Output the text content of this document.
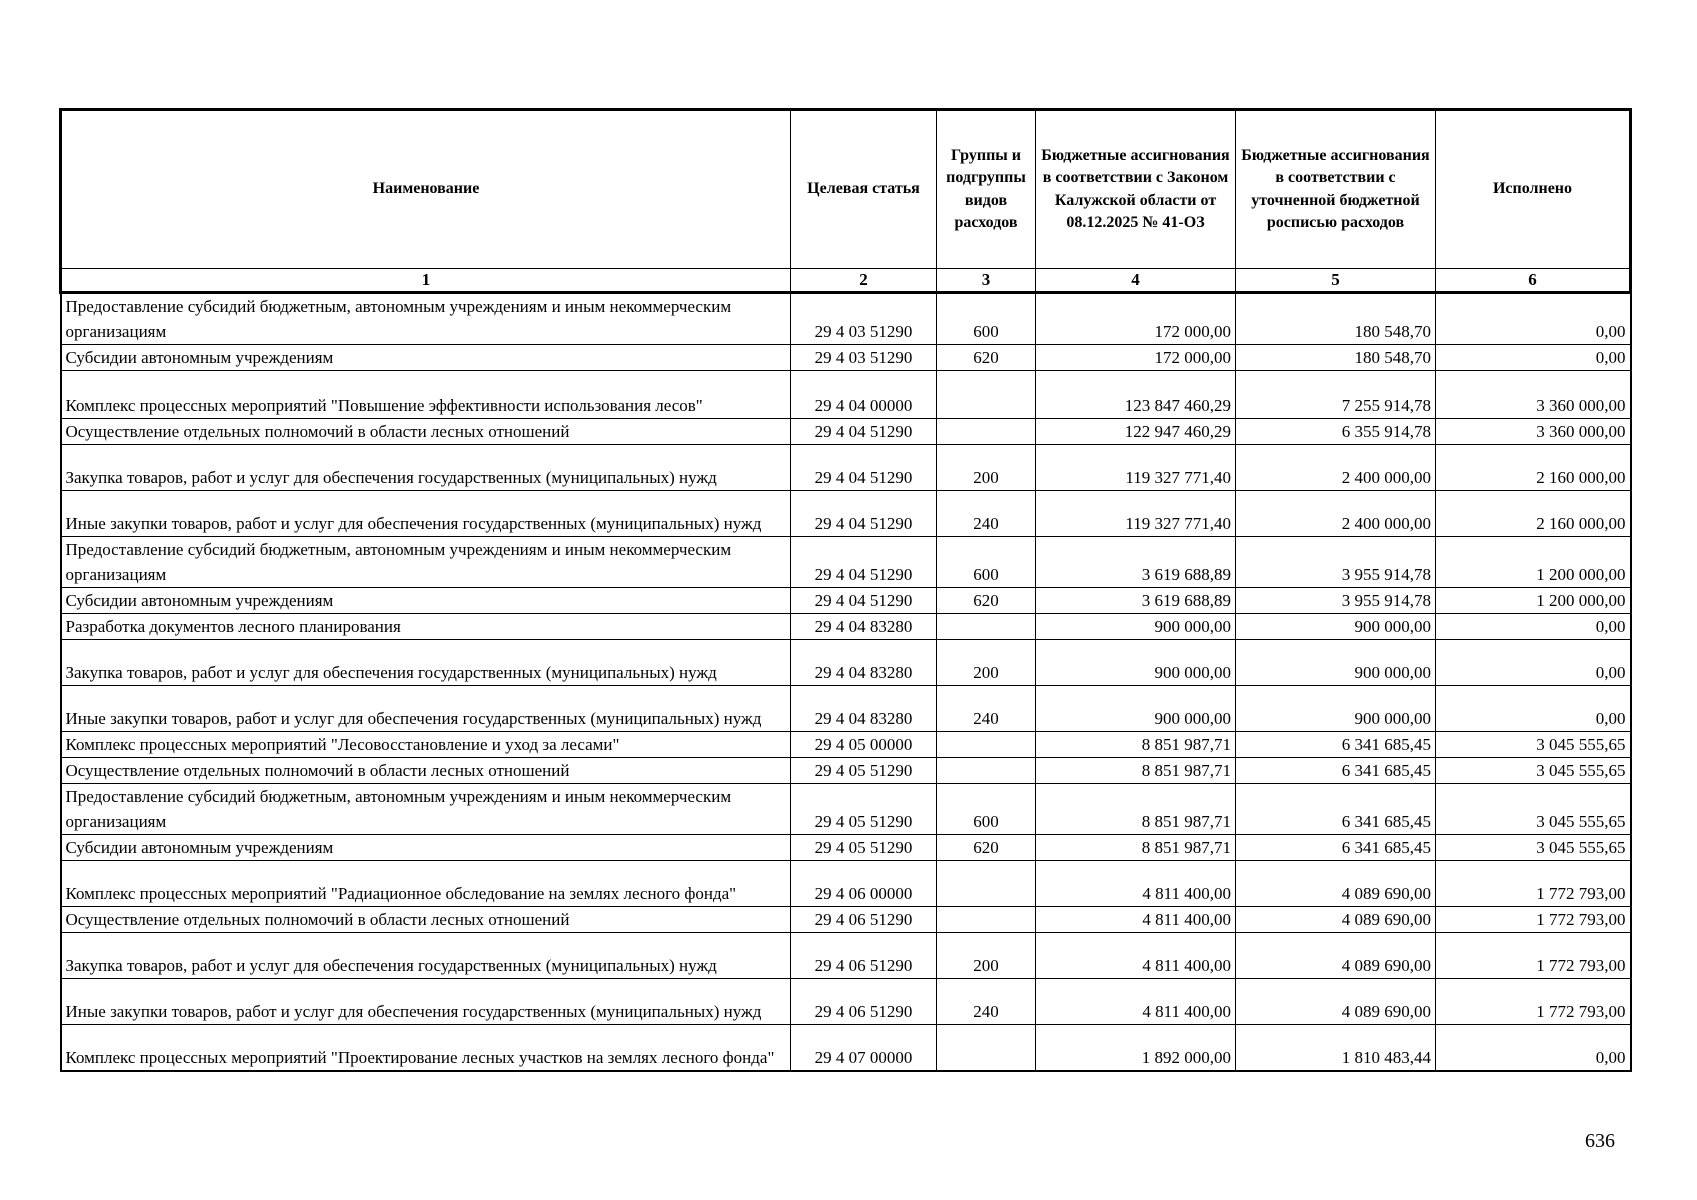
Наименование	Целевая статья	Группы и подгруппы видов расходов	Бюджетные ассигнования в соответствии с Законом Калужской области от 08.12.2025 № 41-ОЗ	Бюджетные ассигнования в соответствии с уточненной бюджетной росписью расходов	Исполнено
1	2	3	4	5	6
Предоставление субсидий бюджетным, автономным учреждениям и иным некоммерческим организациям	29 4 03 51290	600	172 000,00	180 548,70	0,00
Субсидии автономным учреждениям	29 4 03 51290	620	172 000,00	180 548,70	0,00
Комплекс процессных мероприятий "Повышение эффективности использования лесов"	29 4 04 00000		123 847 460,29	7 255 914,78	3 360 000,00
Осуществление отдельных полномочий в области лесных отношений	29 4 04 51290		122 947 460,29	6 355 914,78	3 360 000,00
Закупка товаров, работ и услуг для обеспечения государственных (муниципальных) нужд	29 4 04 51290	200	119 327 771,40	2 400 000,00	2 160 000,00
Иные закупки товаров, работ и услуг для обеспечения государственных (муниципальных) нужд	29 4 04 51290	240	119 327 771,40	2 400 000,00	2 160 000,00
Предоставление субсидий бюджетным, автономным учреждениям и иным некоммерческим организациям	29 4 04 51290	600	3 619 688,89	3 955 914,78	1 200 000,00
Субсидии автономным учреждениям	29 4 04 51290	620	3 619 688,89	3 955 914,78	1 200 000,00
Разработка документов лесного планирования	29 4 04 83280		900 000,00	900 000,00	0,00
Закупка товаров, работ и услуг для обеспечения государственных (муниципальных) нужд	29 4 04 83280	200	900 000,00	900 000,00	0,00
Иные закупки товаров, работ и услуг для обеспечения государственных (муниципальных) нужд	29 4 04 83280	240	900 000,00	900 000,00	0,00
Комплекс процессных мероприятий "Лесовосстановление и уход за лесами"	29 4 05 00000		8 851 987,71	6 341 685,45	3 045 555,65
Осуществление отдельных полномочий в области лесных отношений	29 4 05 51290		8 851 987,71	6 341 685,45	3 045 555,65
Предоставление субсидий бюджетным, автономным учреждениям и иным некоммерческим организациям	29 4 05 51290	600	8 851 987,71	6 341 685,45	3 045 555,65
Субсидии автономным учреждениям	29 4 05 51290	620	8 851 987,71	6 341 685,45	3 045 555,65
Комплекс процессных мероприятий "Радиационное обследование на землях лесного фонда"	29 4 06 00000		4 811 400,00	4 089 690,00	1 772 793,00
Осуществление отдельных полномочий в области лесных отношений	29 4 06 51290		4 811 400,00	4 089 690,00	1 772 793,00
Закупка товаров, работ и услуг для обеспечения государственных (муниципальных) нужд	29 4 06 51290	200	4 811 400,00	4 089 690,00	1 772 793,00
Иные закупки товаров, работ и услуг для обеспечения государственных (муниципальных) нужд	29 4 06 51290	240	4 811 400,00	4 089 690,00	1 772 793,00
Комплекс процессных мероприятий "Проектирование лесных участков на землях лесного фонда"	29 4 07 00000		1 892 000,00	1 810 483,44	0,00
636
